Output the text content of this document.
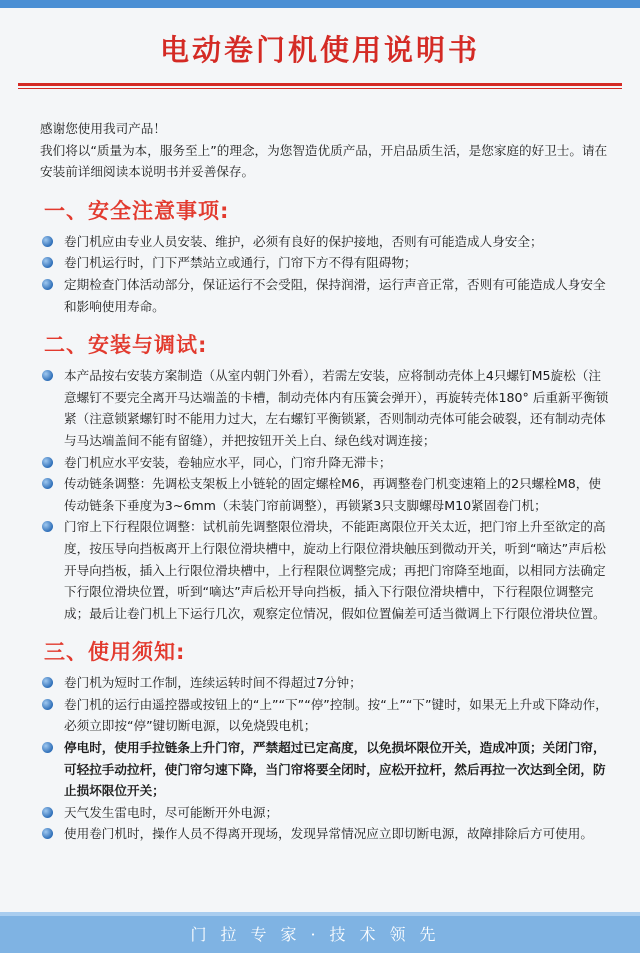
电动卷门机使用说明书

感谢您使用我司产品！

我们将以“质量为本，服务至上”的理念，为您智造优质产品，开启品质生活，是您家庭的好卫士。请在安装前详细阅读本说明书并妥善保存。

一、安全注意事项:
卷门机应由专业人员安装、维护，必须有良好的保护接地，否则有可能造成人身安全；
卷门机运行时，门下严禁站立或通行，门帘下方不得有阻碍物；
定期检查门体活动部分，保证运行不会受阻，保持润滑，运行声音正常，否则有可能造成人身安全和影响使用寿命。
二、安装与调试:
本产品按右安装方案制造（从室内朝门外看），若需左安装，应将制动壳体上4只螺钉M5旋松（注意螺钉不要完全离开马达端盖的卡槽，制动壳体内有压簧会弹开），再旋转壳体180° 后重新平衡锁紧（注意锁紧螺钉时不能用力过大，左右螺钉平衡锁紧，否则制动壳体可能会破裂，还有制动壳体与马达端盖间不能有留缝），并把按钮开关上白、绿色线对调连接；
卷门机应水平安装，卷轴应水平，同心，门帘升降无滞卡；
传动链条调整：先调松支架板上小链轮的固定螺栓M6，再调整卷门机变速箱上的2只螺栓M8，使传动链条下垂度为3~6mm（未装门帘前调整），再锁紧3只支脚螺母M10紧固卷门机；
门帘上下行程限位调整：试机前先调整限位滑块，不能距离限位开关太近，把门帘上升至欲定的高度，按压导向挡板离开上行限位滑块槽中，旋动上行限位滑块触压到微动开关，听到“嘀达”声后松开导向挡板，插入上行限位滑块槽中，上行程限位调整完成；再把门帘降至地面，以相同方法确定下行限位滑块位置，听到“嘀达”声后松开导向挡板，插入下行限位滑块槽中，下行程限位调整完成；最后让卷门机上下运行几次，观察定位情况，假如位置偏差可适当微调上下行限位滑块位置。
三、使用须知:
卷门机为短时工作制，连续运转时间不得超过7分钟；
卷门机的运行由遥控器或按钮上的“上”“下”“停”控制。按“上”“下”键时，如果无上升或下降动作，必须立即按“停”键切断电源，以免烧毁电机；
停电时，使用手拉链条上升门帘，严禁超过已定高度，以免损坏限位开关，造成冲顶；关闭门帘，可轻拉手动拉杆，使门帘匀速下降，当门帘将要全闭时，应松开拉杆，然后再拉一次达到全闭，防止损坏限位开关；
天气发生雷电时，尽可能断开外电源；
使用卷门机时，操作人员不得离开现场，发现异常情况应立即切断电源，故障排除后方可使用。
门拉专家·技术领先
